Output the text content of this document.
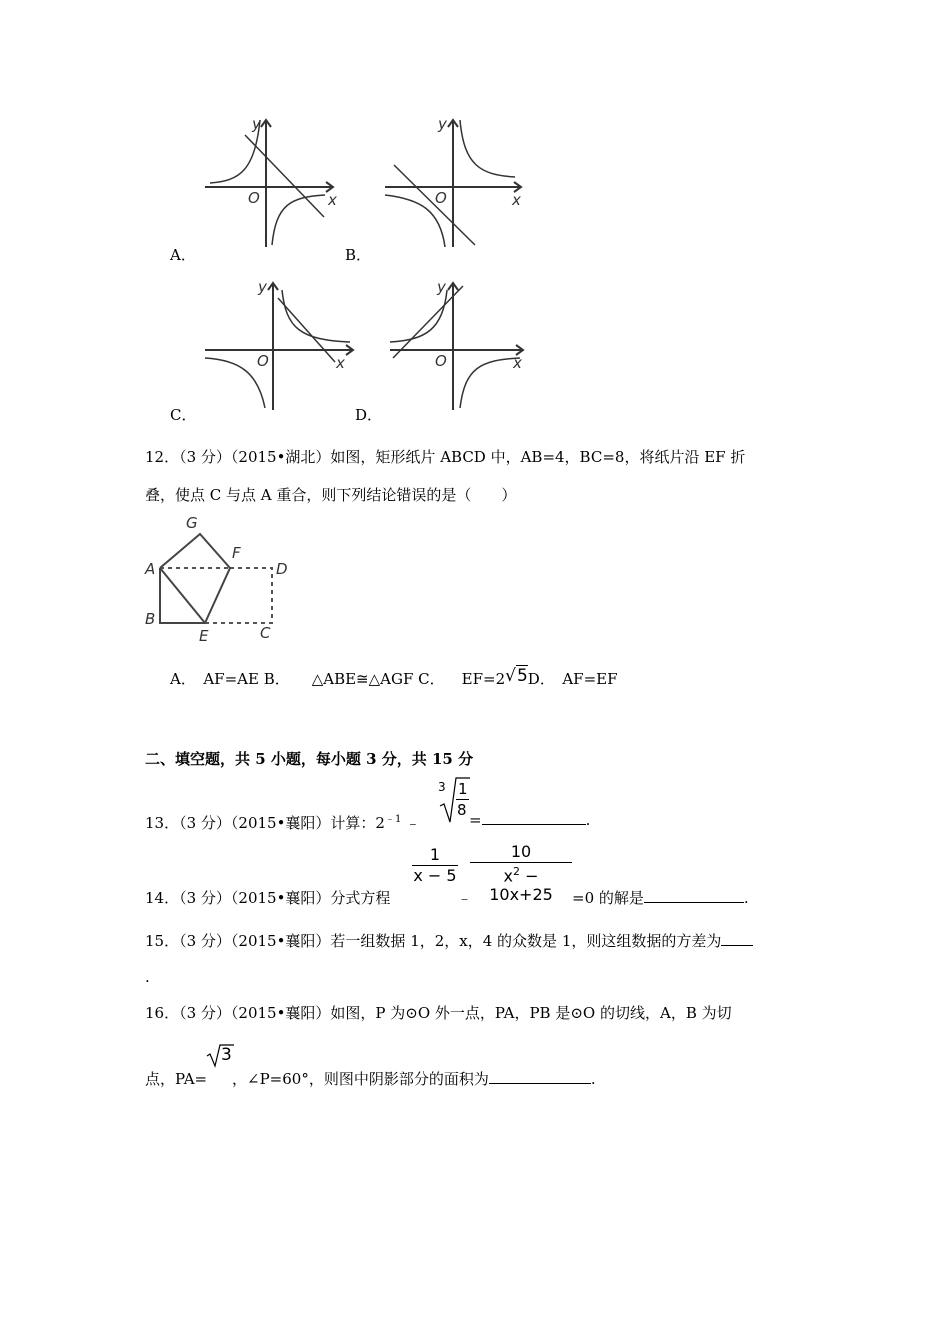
y
O	x
A．
y
O	x
B．
y
O	x
C．
y
O	x
D．
12．（3 分）（2015•湖北）如图，矩形纸片 ABCD 中，AB=4，BC=8，将纸片沿 EF 折
叠，使点 C 与点 A 重合，则下列结论错误的是（　　）
G
F
A	D
B
E	C
A．　AF=AE B． △ABE≅△AGF C． EF=2√5D．　AF=EF
二、填空题，共 5 小题，每小题 3 分，共 15 分
13．（3 分）（2015•襄阳）计算：$2^{﹣1}$ ﹣
3 1
8
=	.
14．（3 分）（2015•襄阳）分式方程
1
x − 5
﹣
10
$x^2 - 10x+25$	=0 的解是	.
15．（3 分）（2015•襄阳）若一组数据 1，2，x，4 的众数是 1，则这组数据的方差为
.
16．（3 分）（2015•襄阳）如图，P 为⊙O 外一点，PA，PB 是⊙O 的切线，A，B 为切
点，PA=
3
，∠P=60°，则图中阴影部分的面积为	.
